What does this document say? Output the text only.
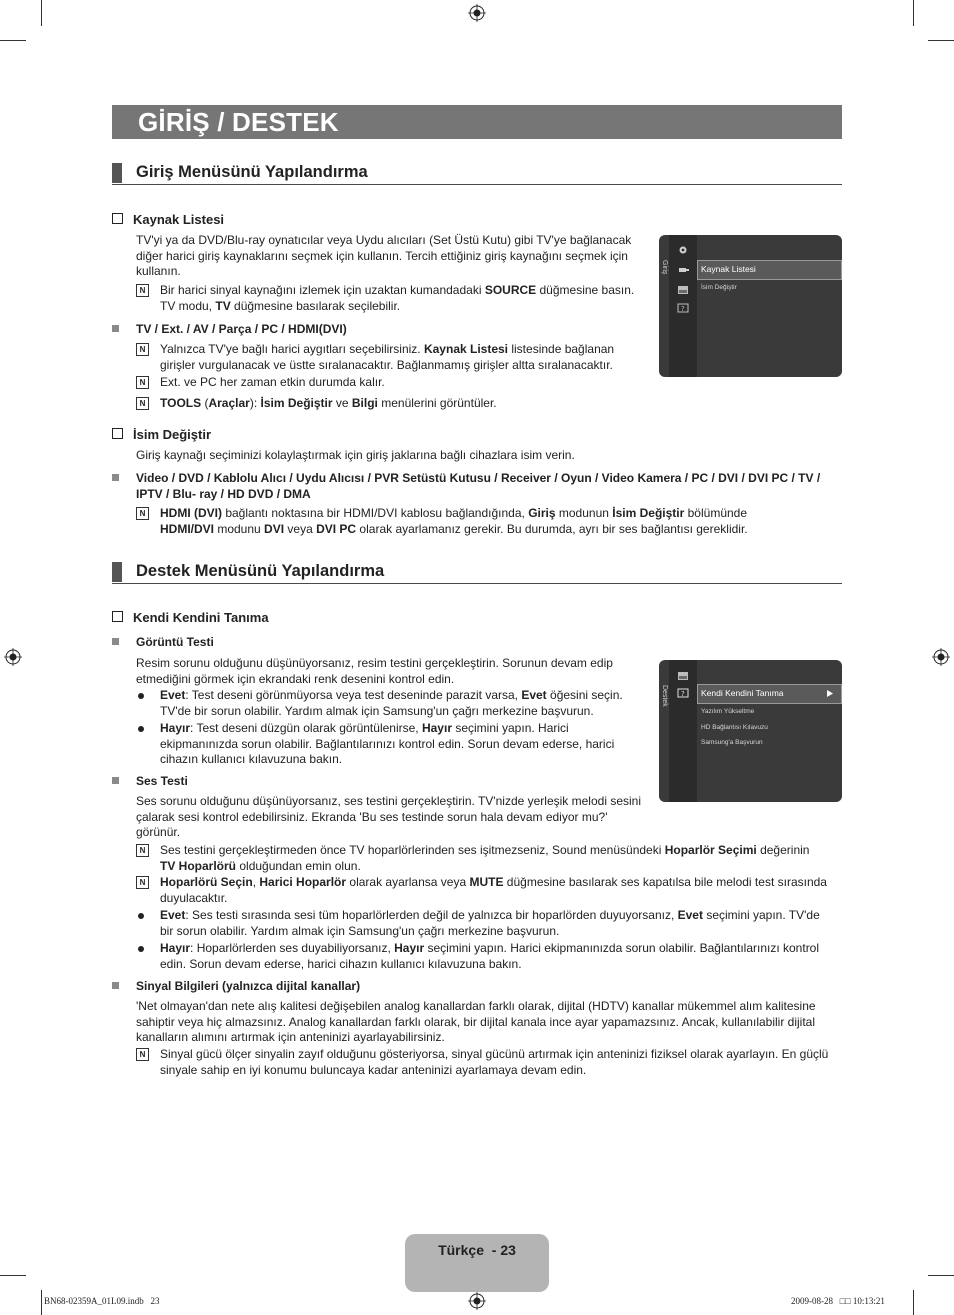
GİRİŞ / DESTEK
Giriş Menüsünü Yapılandırma
Kaynak Listesi
TV'yi ya da DVD/Blu-ray oynatıcılar veya Uydu alıcıları (Set Üstü Kutu) gibi TV'ye bağlanacak
diğer harici giriş kaynaklarını seçmek için kullanın. Tercih ettiğiniz giriş kaynağını seçmek için
kullanın.
N	Bir harici sinyal kaynağını izlemek için uzaktan kumandadaki SOURCE düğmesine basın.
TV modu, TV düğmesine basılarak seçilebilir.
TV / Ext. / AV / Parça / PC / HDMI(DVI)
N	Yalnızca TV'ye bağlı harici aygıtları seçebilirsiniz. Kaynak Listesi listesinde bağlanan
girişler vurgulanacak ve üstte sıralanacaktır. Bağlanmamış girişler altta sıralanacaktır.
N	Ext. ve PC her zaman etkin durumda kalır.
N	TOOLS (Araçlar): İsim Değiştir ve Bilgi menülerini görüntüler.
Giriş
?
Kaynak Listesi
İsim Değiştir
İsim Değiştir
Giriş kaynağı seçiminizi kolaylaştırmak için giriş jaklarına bağlı cihazlara isim verin.
Video / DVD / Kablolu Alıcı / Uydu Alıcısı / PVR Setüstü Kutusu / Receiver / Oyun / Video Kamera / PC / DVI / DVI PC / TV /
IPTV / Blu- ray / HD DVD / DMA
N	HDMI (DVI) bağlantı noktasına bir HDMI/DVI kablosu bağlandığında, Giriş modunun İsim Değiştir bölümünde
HDMI/DVI modunu DVI veya DVI PC olarak ayarlamanız gerekir. Bu durumda, ayrı bir ses bağlantısı gereklidir.
Destek Menüsünü Yapılandırma
Kendi Kendini Tanıma
Görüntü Testi
Resim sorunu olduğunu düşünüyorsanız, resim testini gerçekleştirin. Sorunun devam edip
etmediğini görmek için ekrandaki renk desenini kontrol edin.
Evet: Test deseni görünmüyorsa veya test deseninde parazit varsa, Evet öğesini seçin.
TV'de bir sorun olabilir. Yardım almak için Samsung'un çağrı merkezine başvurun.
Hayır: Test deseni düzgün olarak görüntülenirse, Hayır seçimini yapın. Harici
ekipmanınızda sorun olabilir. Bağlantılarınızı kontrol edin. Sorun devam ederse, harici
cihazın kullanıcı kılavuzuna bakın.
Destek ? Kendi Kendini Tanıma
Yazılım Yükseltme
HD Bağlantısı Kılavuzu
Samsung'a Başvurun
Ses Testi
Ses sorunu olduğunu düşünüyorsanız, ses testini gerçekleştirin. TV'nizde yerleşik melodi sesini
çalarak sesi kontrol edebilirsiniz. Ekranda 'Bu ses testinde sorun hala devam ediyor mu?'
görünür.
N	Ses testini gerçekleştirmeden önce TV hoparlörlerinden ses işitmezseniz, Sound menüsündeki Hoparlör Seçimi değerinin
TV Hoparlörü olduğundan emin olun.
N	Hoparlörü Seçin, Harici Hoparlör olarak ayarlansa veya MUTE düğmesine basılarak ses kapatılsa bile melodi test sırasında
duyulacaktır.
Evet: Ses testi sırasında sesi tüm hoparlörlerden değil de yalnızca bir hoparlörden duyuyorsanız, Evet seçimini yapın. TV'de
bir sorun olabilir. Yardım almak için Samsung'un çağrı merkezine başvurun.
Hayır: Hoparlörlerden ses duyabiliyorsanız, Hayır seçimini yapın. Harici ekipmanınızda sorun olabilir. Bağlantılarınızı kontrol
edin. Sorun devam ederse, harici cihazın kullanıcı kılavuzuna bakın.
Sinyal Bilgileri (yalnızca dijital kanallar)
'Net olmayan'dan nete alış kalitesi değişebilen analog kanallardan farklı olarak, dijital (HDTV) kanallar mükemmel alım kalitesine
sahiptir veya hiç almazsınız. Analog kanallardan farklı olarak, bir dijital kanala ince ayar yapamazsınız. Ancak, kullanılabilir dijital
kanalların alımını artırmak için anteninizi ayarlayabilirsiniz.
N	Sinyal gücü ölçer sinyalin zayıf olduğunu gösteriyorsa, sinyal gücünü artırmak için anteninizi fiziksel olarak ayarlayın. En güçlü
sinyale sahip en iyi konumu buluncaya kadar anteninizi ayarlamaya devam edin.
Türkçe  - 23
BN68-02359A_01L09.indb   23	2009-08-28   □□ 10:13:21
